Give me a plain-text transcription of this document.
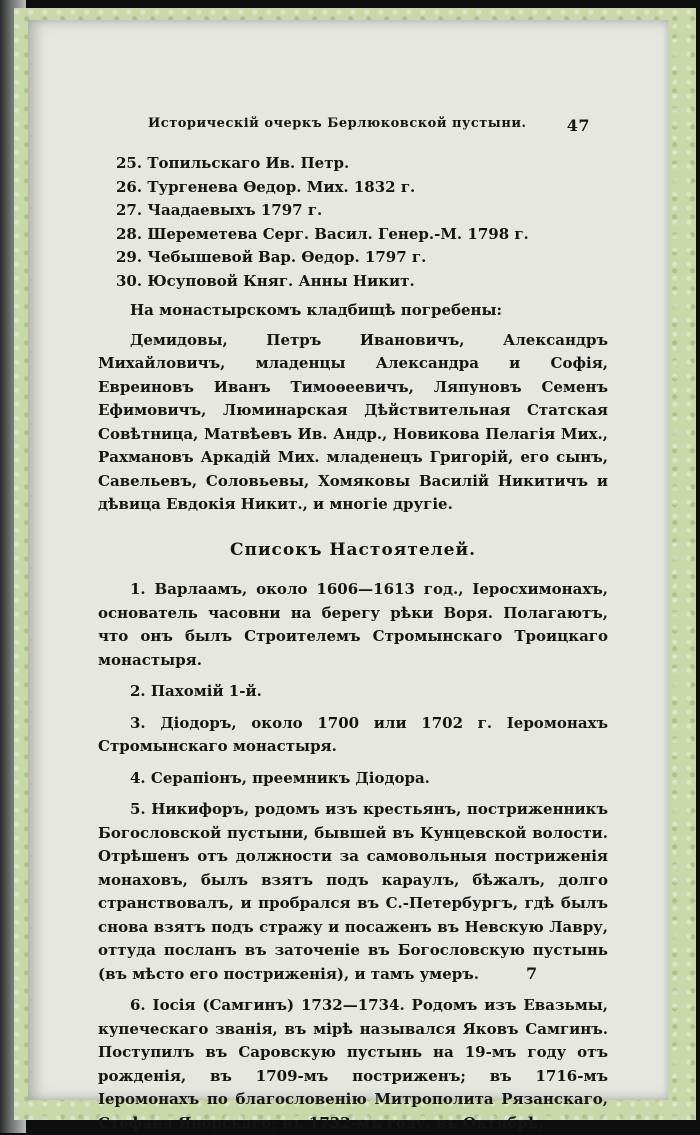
Историческій очеркъ Берлюковской пустыни.	47
25. Топильскаго Ив. Петр.
26. Тургенева Ѳедор. Мих. 1832 г.
27. Чаадаевыхъ 1797 г.
28. Шереметева Серг. Васил. Генер.-М. 1798 г.
29. Чебышевой Вар. Ѳедор. 1797 г.
30. Юсуповой Княг. Анны Никит.
На монастырскомъ кладбищѣ погребены:
Демидовы, Петръ Ивановичъ, Александръ Михайловичъ, младенцы Александра и Софія, Евреиновъ Иванъ Тимоѳеевичъ, Ляпуновъ Семенъ Ефимовичъ, Люминарская Дѣйствительная Статская Совѣтница, Матвѣевъ Ив. Андр., Новикова Пелагія Мих., Рахмановъ Аркадій Мих. младенецъ Григорій, его сынъ, Савельевъ, Соловьевы, Хомяковы Василій Никитичъ и дѣвица Евдокія Никит., и многіе другіе.
Списокъ Настоятелей.
1. Варлаамъ, около 1606—1613 год., Іеросхимонахъ, основатель часовни на берегу рѣки Воря. Полагаютъ, что онъ былъ Строителемъ Стромынскаго Троицкаго монастыря.
2. Пахомій 1-й.
3. Діодоръ, около 1700 или 1702 г. Іеромонахъ Стромынскаго монастыря.
4. Серапіонъ, преемникъ Діодора.
5. Никифоръ, родомъ изъ крестьянъ, постриженникъ Богословской пустыни, бывшей въ Кунцевской волости. Отрѣшенъ отъ должности за самовольныя постриженія монаховъ, былъ взятъ подъ караулъ, бѣжалъ, долго странствовалъ, и пробрался въ С.-Петербургъ, гдѣ былъ снова взятъ подъ стражу и посаженъ въ Невскую Лавру, оттуда посланъ въ заточеніе въ Богословскую пустынь (въ мѣсто его постриженія), и тамъ умеръ.
6. Іосія (Самгинъ) 1732—1734. Родомъ изъ Евазьмы, купеческаго званія, въ мірѣ назывался Яковъ Самгинъ. Поступилъ въ Саровскую пустынь на 19-мъ году отъ рожденія, въ 1709-мъ постриженъ; въ 1716-мъ Іеромонахъ по благословенію Митрополита Рязанскаго, Стефана Яворскаго; въ 1732-мъ году, въ Октябрѣ,
7
